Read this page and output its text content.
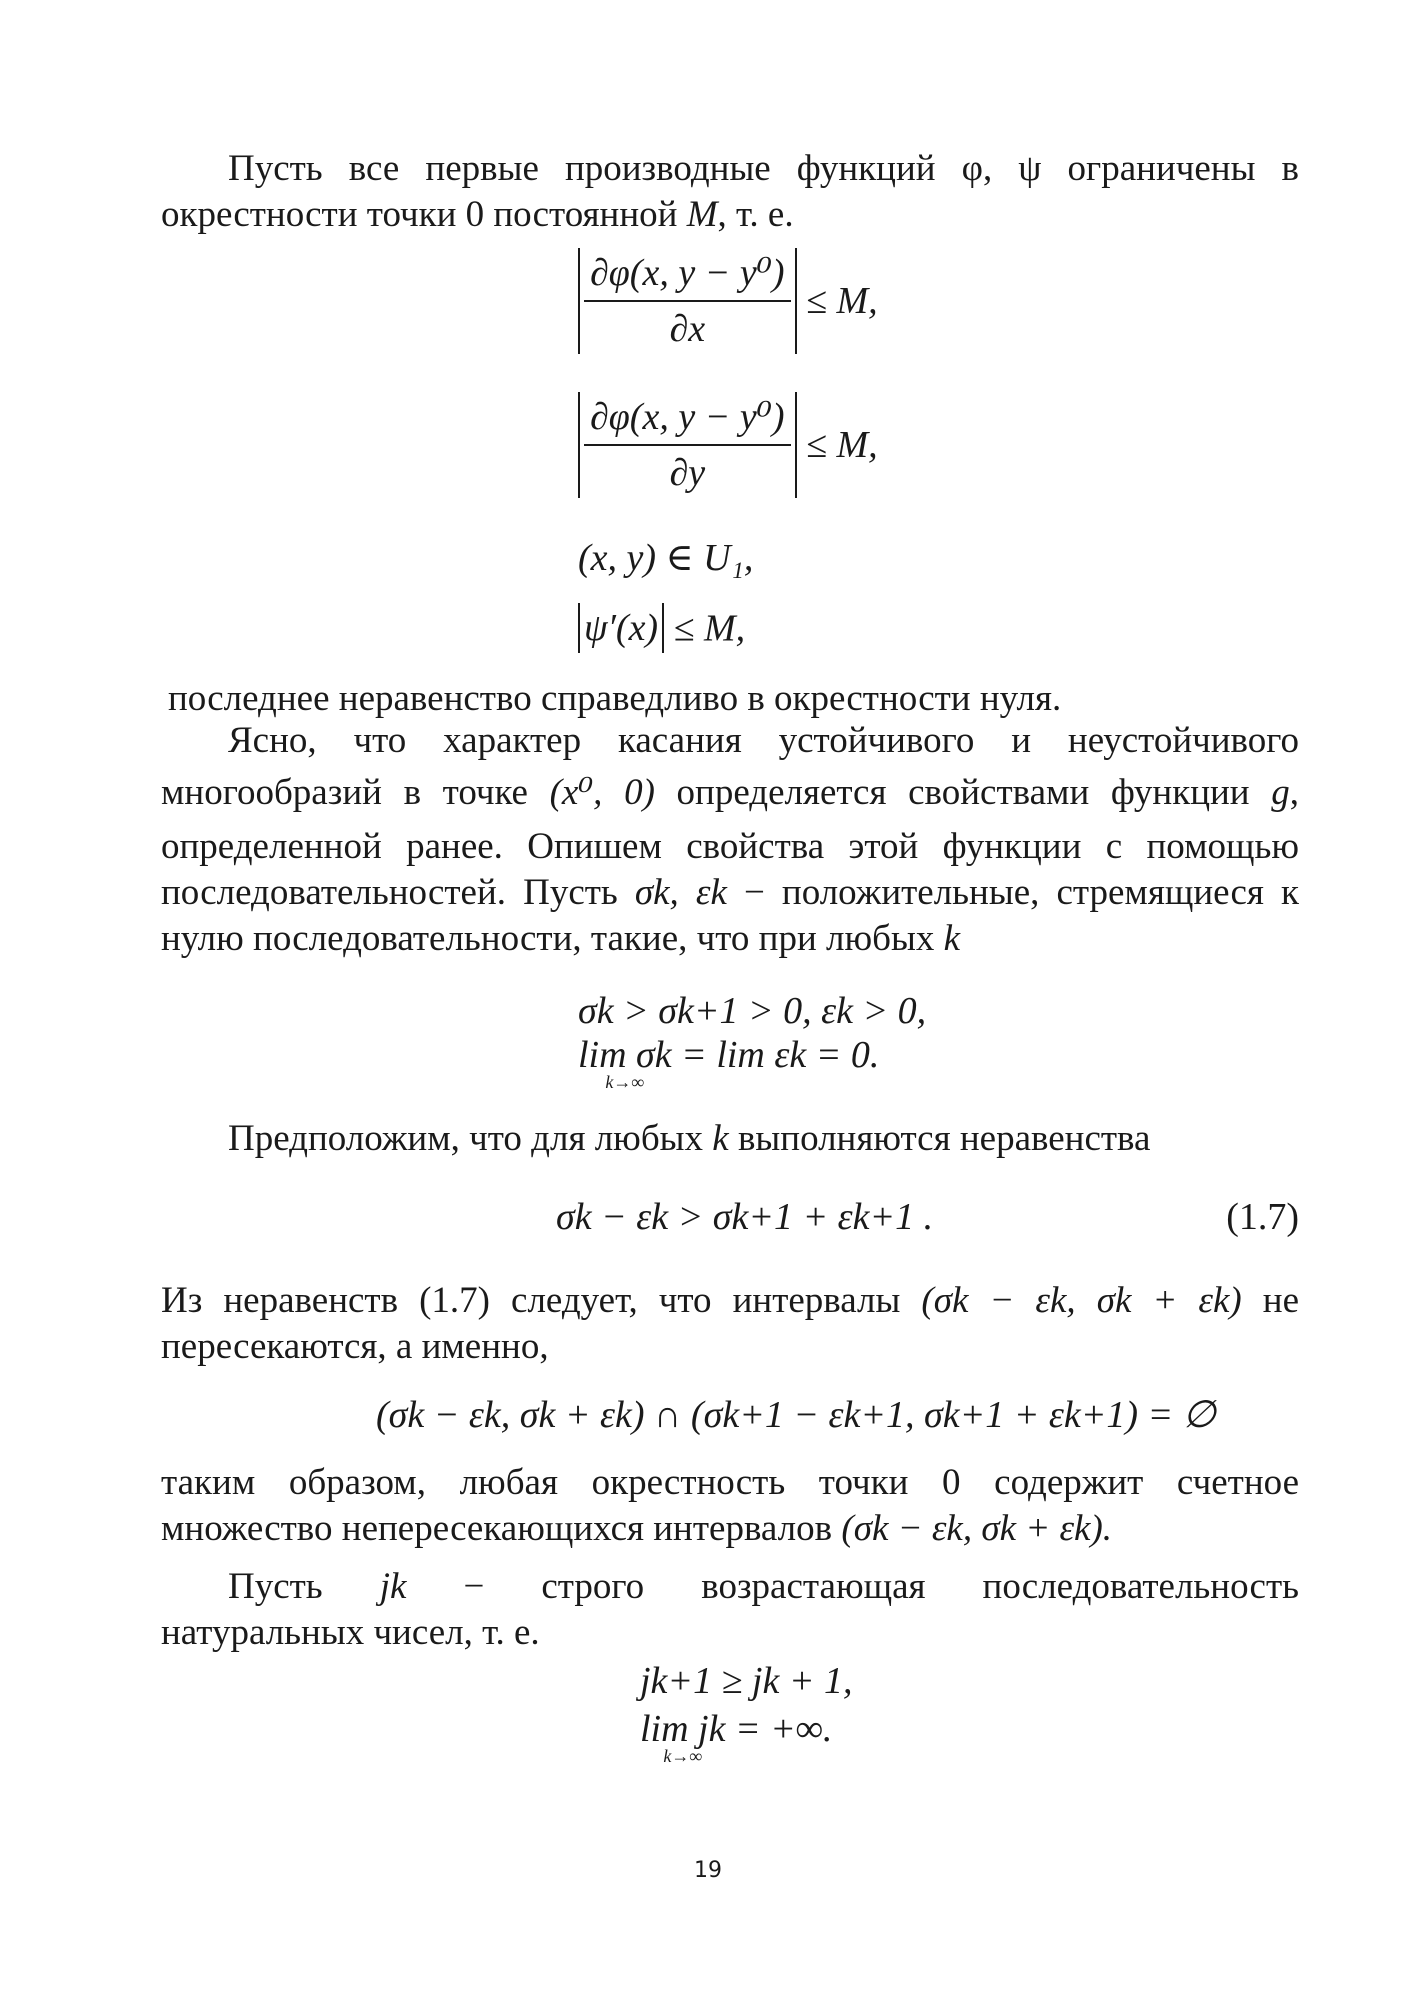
Пусть все первые производные функций φ, ψ ограничены в
окрестности точки 0 постоянной M, т. е.
$\frac{\text{∂φ(x, y − y⁰)}}{\partial x} \le M$,
$\frac{\text{∂φ(x, y − y⁰)}}{\partial y} \le M$,
(x, y) ∈ U₁,
ψ′(x) ≤ M,
последнее неравенство справедливо в окрестности нуля.
Ясно, что характер касания устойчивого и неустойчивого
многообразий в точке (x⁰, 0) определяется свойствами функции g,
определенной ранее. Опишем свойства этой функции с помощью
последовательностей. Пусть σk, εk − положительные, стремящиеся к
нулю последовательности, такие, что при любых k
σk > σk+1 > 0, εk > 0,
lim σk
k→∞
= lim εk = 0.
Предположим, что для любых k выполняются неравенства
σk − εk > σk+1 + εk+1 .	(1.7)
Из неравенств (1.7) следует, что интервалы (σk − εk, σk + εk) не
пересекаются, а именно,
(σk − εk, σk + εk) ∩ (σk+1 − εk+1, σk+1 + εk+1) = ∅
таким образом, любая окрестность точки 0 содержит счетное
множество непересекающихся интервалов (σk − εk, σk + εk).
Пусть jk − строго возрастающая последовательность
натуральных чисел, т. е.
jk+1 ≥ jk + 1,
lim jk
k→∞
= +∞.
19
